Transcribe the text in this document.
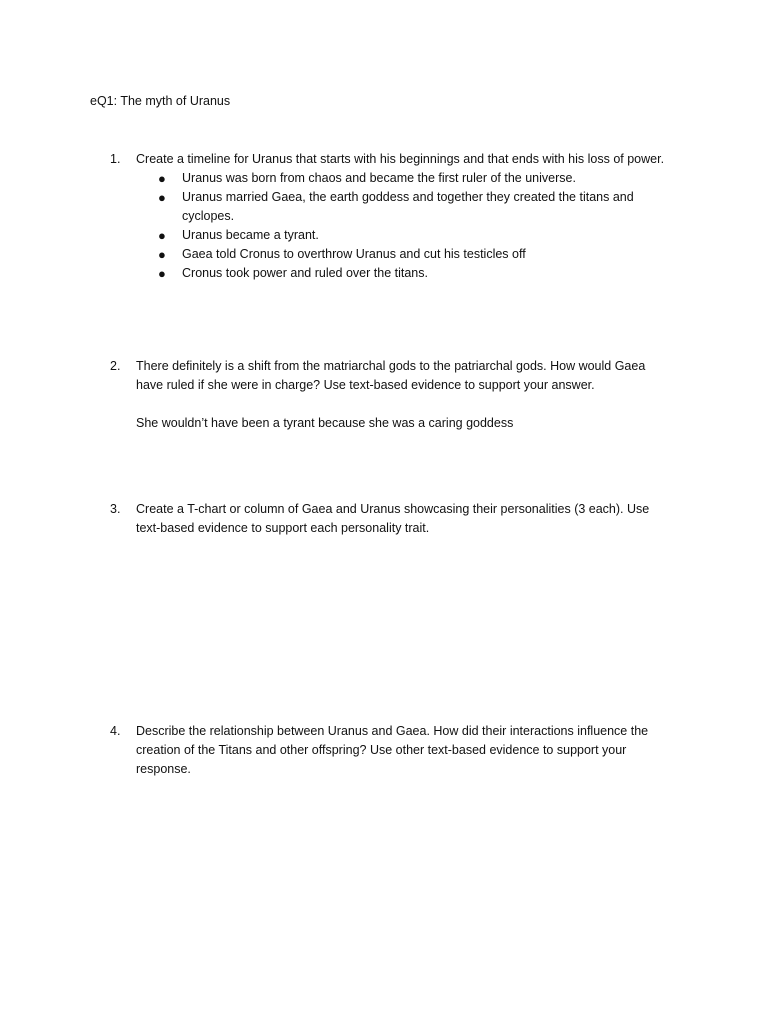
eQ1: The myth of Uranus
1.	Create a timeline for Uranus that starts with his beginnings and that ends with his loss of power.
● Uranus was born from chaos and became the first ruler of the universe.
● Uranus married Gaea, the earth goddess and together they created the titans and cyclopes.
● Uranus became a tyrant.
● Gaea told Cronus to overthrow Uranus and cut his testicles off
● Cronus took power and ruled over the titans.
2.	There definitely is a shift from the matriarchal gods to the patriarchal gods. How would Gaea have ruled if she were in charge? Use text-based evidence to support your answer.
She wouldn’t have been a tyrant because she was a caring goddess
3.	Create a T-chart or column of Gaea and Uranus showcasing their personalities (3 each). Use text-based evidence to support each personality trait.
4.	Describe the relationship between Uranus and Gaea. How did their interactions influence the creation of the Titans and other offspring? Use other text-based evidence to support your response.
